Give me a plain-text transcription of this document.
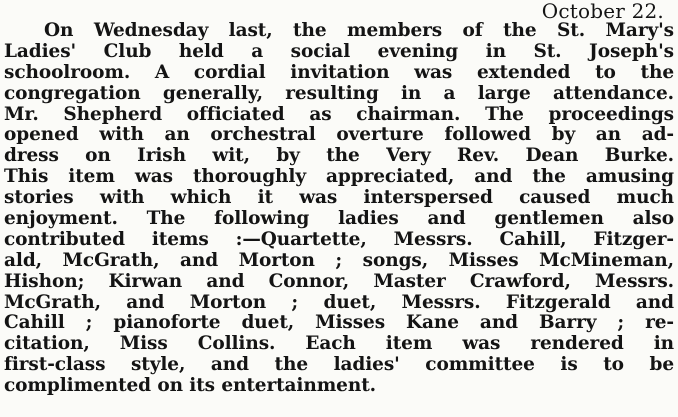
October 22.
On Wednesday last, the members of the St. Mary's
Ladies' Club held a social evening in St. Joseph's
schoolroom. A cordial invitation was extended to the
congregation generally, resulting in a large attendance.
Mr. Shepherd officiated as chairman. The proceedings
opened with an orchestral overture followed by an ad-
dress on Irish wit, by the Very Rev. Dean Burke.
This item was thoroughly appreciated, and the amusing
stories with which it was interspersed caused much
enjoyment. The following ladies and gentlemen also
contributed items :—Quartette, Messrs. Cahill, Fitzger-
ald, McGrath, and Morton ; songs, Misses McMineman,
Hishon; Kirwan and Connor, Master Crawford, Messrs.
McGrath, and Morton ; duet, Messrs. Fitzgerald and
Cahill ; pianoforte duet, Misses Kane and Barry ; re-
citation, Miss Collins. Each item was rendered in
first-class style, and the ladies' committee is to be
complimented on its entertainment.
